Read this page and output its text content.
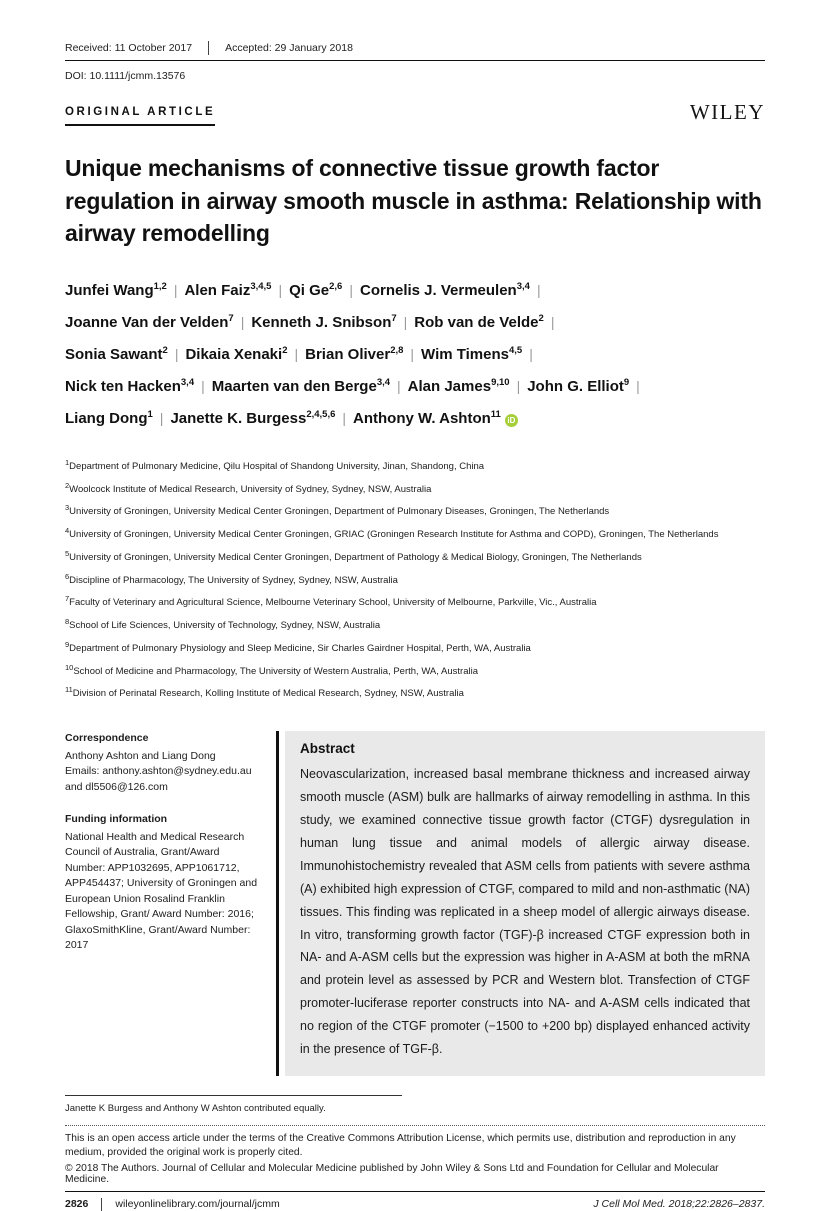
Received: 11 October 2017	Accepted: 29 January 2018
DOI: 10.1111/jcmm.13576
ORIGINAL ARTICLE	WILEY
Unique mechanisms of connective tissue growth factor regulation in airway smooth muscle in asthma: Relationship with airway remodelling
Junfei Wang$^{1,2}$ | Alen Faiz$^{3,4,5}$ | Qi Ge$^{2,6}$ | Cornelis J. Vermeulen$^{3,4}$ |
Joanne Van der Velden$^7$ | Kenneth J. Snibson$^7$ | Rob van de Velde$^2$ |
Sonia Sawant$^2$ | Dikaia Xenaki$^2$ | Brian Oliver$^{2,8}$ | Wim Timens$^{4,5}$ |
Nick ten Hacken$^{3,4}$ | Maarten van den Berge$^{3,4}$ | Alan James$^{9,10}$ | John G. Elliot$^9$ |
Liang Dong$^1$ | Janette K. Burgess$^{2,4,5,6}$ | Anthony W. Ashton$^{11}$iD
$^1$Department of Pulmonary Medicine, Qilu Hospital of Shandong University, Jinan, Shandong, China
$^2$Woolcock Institute of Medical Research, University of Sydney, Sydney, NSW, Australia
$^3$University of Groningen, University Medical Center Groningen, Department of Pulmonary Diseases, Groningen, The Netherlands
$^4$University of Groningen, University Medical Center Groningen, GRIAC (Groningen Research Institute for Asthma and COPD), Groningen, The Netherlands
$^5$University of Groningen, University Medical Center Groningen, Department of Pathology & Medical Biology, Groningen, The Netherlands
$^6$Discipline of Pharmacology, The University of Sydney, Sydney, NSW, Australia
$^7$Faculty of Veterinary and Agricultural Science, Melbourne Veterinary School, University of Melbourne, Parkville, Vic., Australia
$^8$School of Life Sciences, University of Technology, Sydney, NSW, Australia
$^9$Department of Pulmonary Physiology and Sleep Medicine, Sir Charles Gairdner Hospital, Perth, WA, Australia
$^{10}$School of Medicine and Pharmacology, The University of Western Australia, Perth, WA, Australia
$^{11}$Division of Perinatal Research, Kolling Institute of Medical Research, Sydney, NSW, Australia
Correspondence
Anthony Ashton and Liang Dong
Emails: anthony.ashton@sydney.edu.au and dl5506@126.com
Funding information
National Health and Medical Research Council of Australia, Grant/Award Number: APP1032695, APP1061712, APP454437; University of Groningen and European Union Rosalind Franklin Fellowship, Grant/ Award Number: 2016; GlaxoSmithKline, Grant/Award Number: 2017
Abstract
Neovascularization, increased basal membrane thickness and increased airway smooth muscle (ASM) bulk are hallmarks of airway remodelling in asthma. In this study, we examined connective tissue growth factor (CTGF) dysregulation in human lung tissue and animal models of allergic airway disease. Immunohistochemistry revealed that ASM cells from patients with severe asthma (A) exhibited high expression of CTGF, compared to mild and non-asthmatic (NA) tissues. This finding was replicated in a sheep model of allergic airways disease. In vitro, transforming growth factor (TGF)-β increased CTGF expression both in NA- and A-ASM cells but the expression was higher in A-ASM at both the mRNA and protein level as assessed by PCR and Western blot. Transfection of CTGF promoter-luciferase reporter constructs into NA- and A-ASM cells indicated that no region of the CTGF promoter (−1500 to +200 bp) displayed enhanced activity in the presence of TGF-β.
Janette K Burgess and Anthony W Ashton contributed equally.
This is an open access article under the terms of the Creative Commons Attribution License, which permits use, distribution and reproduction in any medium, provided the original work is properly cited.
© 2018 The Authors. Journal of Cellular and Molecular Medicine published by John Wiley & Sons Ltd and Foundation for Cellular and Molecular Medicine.
2826	wileyonlinelibrary.com/journal/jcmm	J Cell Mol Med. 2018;22:2826–2837.
